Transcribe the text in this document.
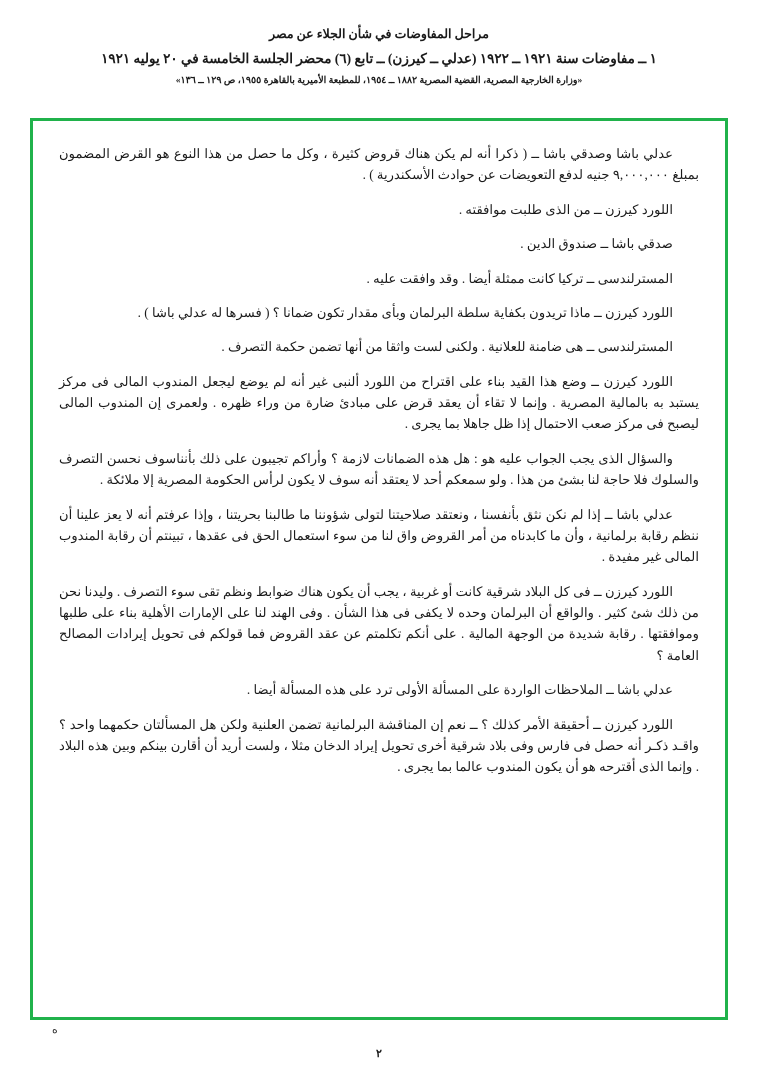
مراحل المفاوضات في شأن الجلاء عن مصر
١ ــ مفاوضات سنة ١٩٢١ ــ ١٩٢٢ (عدلي ــ كيرزن) ــ تابع (٦) محضر الجلسة الخامسة في ٢٠ يوليه ١٩٢١
«وزارة الخارجية المصرية، القضية المصرية ١٨٨٢ ــ ١٩٥٤، للمطبعة الأميرية بالقاهرة ١٩٥٥، ص ١٢٩ ــ ١٣٦»

عدلي باشا وصدقي باشا ــ ( ذكرا أنه لم يكن هناك قروض كثيرة ، وكل ما حصل من هذا النوع هو القرض المضمون بمبلغ ٩,٠٠٠,٠٠٠ جنيه لدفع التعويضات عن حوادث الأسكندرية ) .

اللورد كيرزن ــ من الذى طلبت موافقته .

صدقي باشا ــ صندوق الدين .

المسترلندسى ــ تركيا كانت ممثلة أيضا . وقد وافقت عليه .

اللورد كيرزن ــ ماذا تريدون بكفاية سلطة البرلمان وبأى مقدار تكون ضمانا ؟ ( فسرها له عدلي باشا ) .

المسترلندسى ــ هى ضامنة للعلانية . ولكنى لست واثقا من أنها تضمن حكمة التصرف .

اللورد كيرزن ــ وضع هذا القيد بناء على اقتراح من اللورد ألنبى غير أنه لم يوضع ليجعل المندوب المالى فى مركز يستبد به بالمالية المصرية . وإنما لا تقاء أن يعقد قرض على مبادئ ضارة من وراء ظهره . ولعمرى إن المندوب المالى ليصبح فى مركز صعب الاحتمال إذا ظل جاهلا بما يجرى .

والسؤال الذى يجب الجواب عليه هو : هل هذه الضمانات لازمة ؟ وأراكم تجيبون على ذلك بأنناسوف نحسن التصرف والسلوك فلا حاجة لنا بشئ من هذا . ولو سمعكم أحد لا يعتقد أنه سوف لا يكون لرأس الحكومة المصرية إلا ملائكة .

عدلي باشا ــ إذا لم نكن نثق بأنفسنا ، ونعتقد صلاحيتنا لتولى شؤوننا ما طالبنا بحريتنا ، وإذا عرفتم أنه لا يعز علينا أن ننظم رقابة برلمانية ، وأن ما كابدناه من أمر القروض واق لنا من سوء استعمال الحق فى عقدها ، تبينتم أن رقابة المندوب المالى غير مفيدة .

اللورد كيرزن ــ فى كل البلاد شرقية كانت أو غربية ، يجب أن يكون هناك ضوابط ونظم تقى سوء التصرف . وليدنا نحن من ذلك شئ كثير . والواقع أن البرلمان وحده لا يكفى فى هذا الشأن . وفى الهند لنا على الإمارات الأهلية بناء على طلبها وموافقتها . رقابة شديدة من الوجهة المالية . على أنكم تكلمتم عن عقد القروض فما قولكم فى تحويل إيرادات المصالح العامة ؟

عدلي باشا ــ الملاحظات الواردة على المسألة الأولى ترد على هذه المسألة أيضا .

اللورد كيرزن ــ أحقيقة الأمر كذلك ؟ ــ نعم إن المناقشة البرلمانية تضمن العلنية ولكن هل المسألتان حكمهما واحد ؟ واقـد ذكـر أنه حصل فى فارس وفى بلاد شرقية أخرى تحويل إيراد الدخان مثلا ، ولست أريد أن أقارن بينكم وبين هذه البلاد . وإنما الذى أقترحه هو أن يكون المندوب عالما بما يجرى .

ه
٢
